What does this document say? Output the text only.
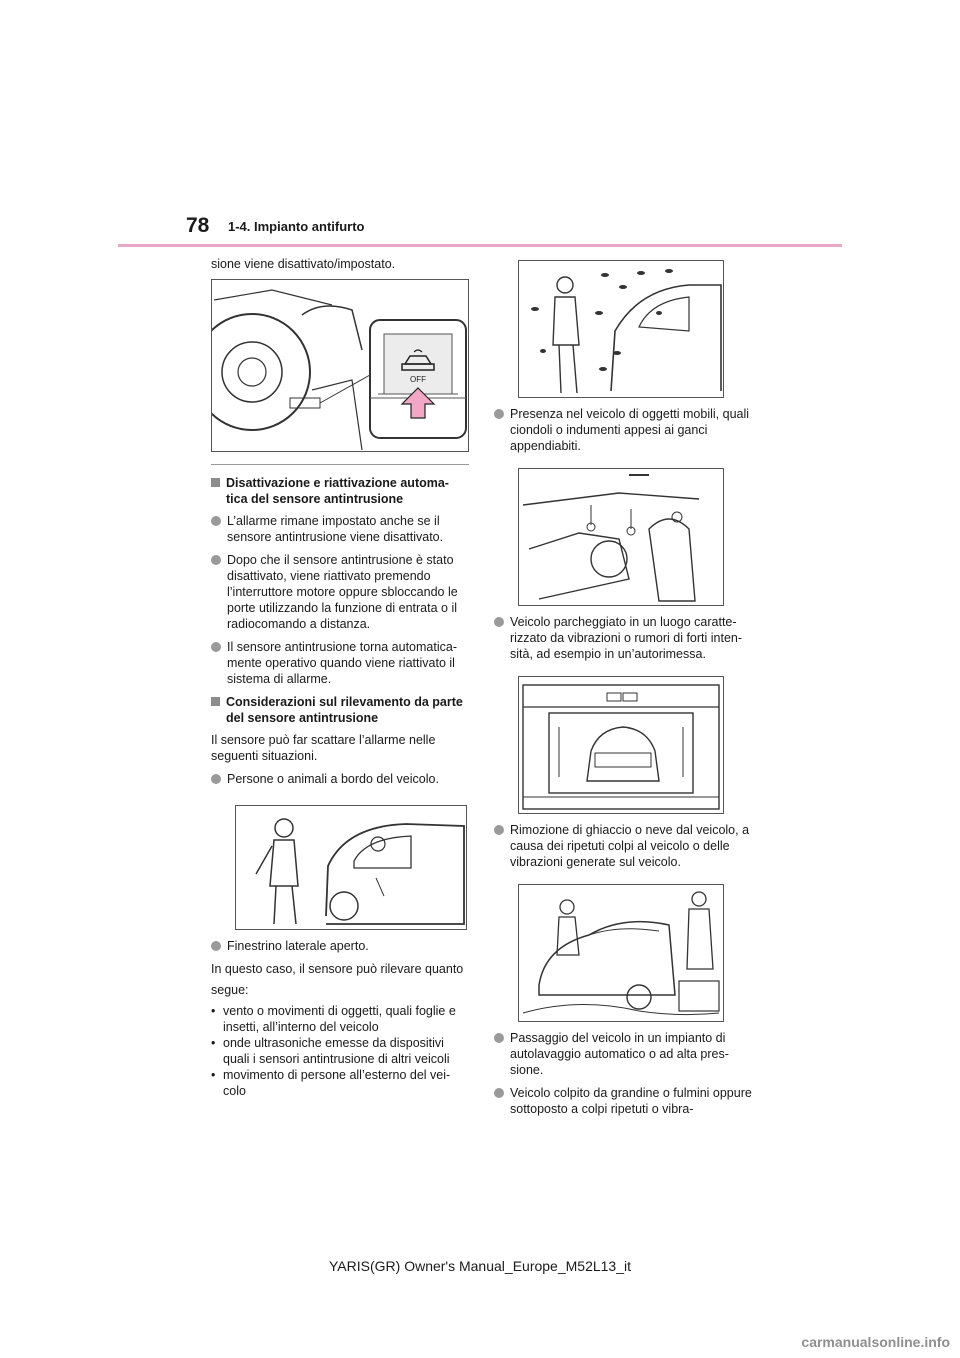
78 1-4. Impianto antifurto

sione viene disattivato/impostato.

OFF
Disattivazione e riattivazione automa-tica del sensore antintrusione
L’allarme rimane impostato anche se il sensore antintrusione viene disattivato.
Dopo che il sensore antintrusione è stato disattivato, viene riattivato premendo l’interruttore motore oppure sbloccando le porte utilizzando la funzione di entrata o il radiocomando a distanza.
Il sensore antintrusione torna automatica-mente operativo quando viene riattivato il sistema di allarme.
Considerazioni sul rilevamento da parte del sensore antintrusione

Il sensore può far scattare l’allarme nelle seguenti situazioni.

Persone o animali a bordo del veicolo.
Finestrino laterale aperto.

In questo caso, il sensore può rilevare quanto

segue:

• vento o movimenti di oggetti, quali foglie e insetti, all’interno del veicolo
• onde ultrasoniche emesse da dispositivi quali i sensori antintrusione di altri veicoli
• movimento di persone all’esterno del vei-colo
Presenza nel veicolo di oggetti mobili, quali ciondoli o indumenti appesi ai ganci appendiabiti.
Veicolo parcheggiato in un luogo caratte-rizzato da vibrazioni o rumori di forti inten-sità, ad esempio in un’autorimessa.
Rimozione di ghiaccio o neve dal veicolo, a causa dei ripetuti colpi al veicolo o delle vibrazioni generate sul veicolo.
Passaggio del veicolo in un impianto di autolavaggio automatico o ad alta pres-sione.
Veicolo colpito da grandine o fulmini oppure sottoposto a colpi ripetuti o vibra-
YARIS(GR) Owner's Manual_Europe_M52L13_it
carmanualsonline.info
